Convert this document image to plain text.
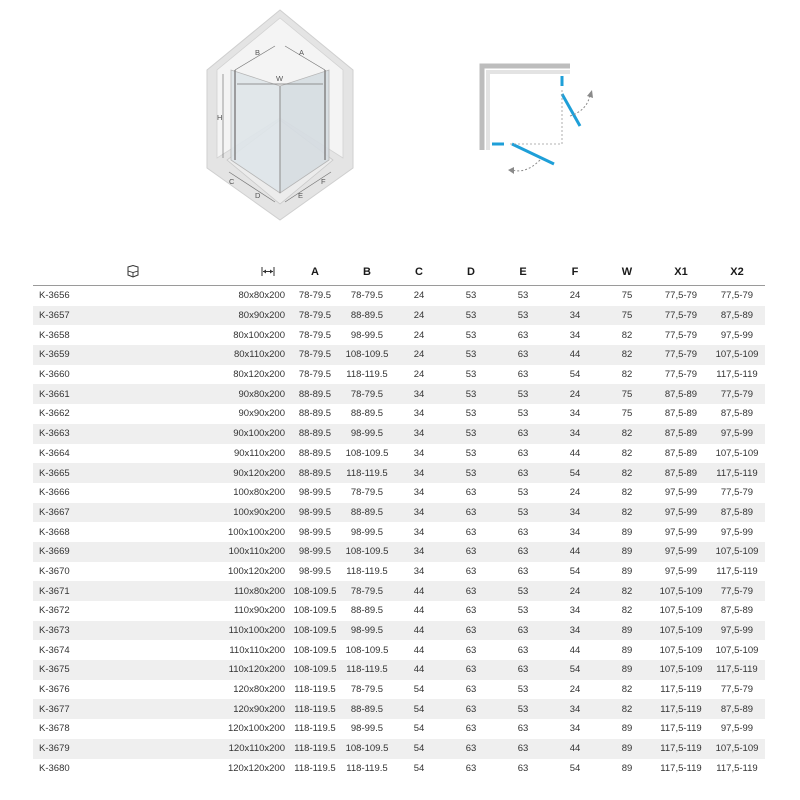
B	A
W
H
C
D	E
F
		A	B	C	D	E	F	W	X1	X2
K-3656	80x80x200	78-79.5	78-79.5	24	53	53	24	75	77,5-79	77,5-79
K-3657	80x90x200	78-79.5	88-89.5	24	53	53	34	75	77,5-79	87,5-89
K-3658	80x100x200	78-79.5	98-99.5	24	53	63	34	82	77,5-79	97,5-99
K-3659	80x110x200	78-79.5	108-109.5	24	53	63	44	82	77,5-79	107,5-109
K-3660	80x120x200	78-79.5	118-119.5	24	53	63	54	82	77,5-79	117,5-119
K-3661	90x80x200	88-89.5	78-79.5	34	53	53	24	75	87,5-89	77,5-79
K-3662	90x90x200	88-89.5	88-89.5	34	53	53	34	75	87,5-89	87,5-89
K-3663	90x100x200	88-89.5	98-99.5	34	53	63	34	82	87,5-89	97,5-99
K-3664	90x110x200	88-89.5	108-109.5	34	53	63	44	82	87,5-89	107,5-109
K-3665	90x120x200	88-89.5	118-119.5	34	53	63	54	82	87,5-89	117,5-119
K-3666	100x80x200	98-99.5	78-79.5	34	63	53	24	82	97,5-99	77,5-79
K-3667	100x90x200	98-99.5	88-89.5	34	63	53	34	82	97,5-99	87,5-89
K-3668	100x100x200	98-99.5	98-99.5	34	63	63	34	89	97,5-99	97,5-99
K-3669	100x110x200	98-99.5	108-109.5	34	63	63	44	89	97,5-99	107,5-109
K-3670	100x120x200	98-99.5	118-119.5	34	63	63	54	89	97,5-99	117,5-119
K-3671	110x80x200	108-109.5	78-79.5	44	63	53	24	82	107,5-109	77,5-79
K-3672	110x90x200	108-109.5	88-89.5	44	63	53	34	82	107,5-109	87,5-89
K-3673	110x100x200	108-109.5	98-99.5	44	63	63	34	89	107,5-109	97,5-99
K-3674	110x110x200	108-109.5	108-109.5	44	63	63	44	89	107,5-109	107,5-109
K-3675	110x120x200	108-109.5	118-119.5	44	63	63	54	89	107,5-109	117,5-119
K-3676	120x80x200	118-119.5	78-79.5	54	63	53	24	82	117,5-119	77,5-79
K-3677	120x90x200	118-119.5	88-89.5	54	63	53	34	82	117,5-119	87,5-89
K-3678	120x100x200	118-119.5	98-99.5	54	63	63	34	89	117,5-119	97,5-99
K-3679	120x110x200	118-119.5	108-109.5	54	63	63	44	89	117,5-119	107,5-109
K-3680	120x120x200	118-119.5	118-119.5	54	63	63	54	89	117,5-119	117,5-119
